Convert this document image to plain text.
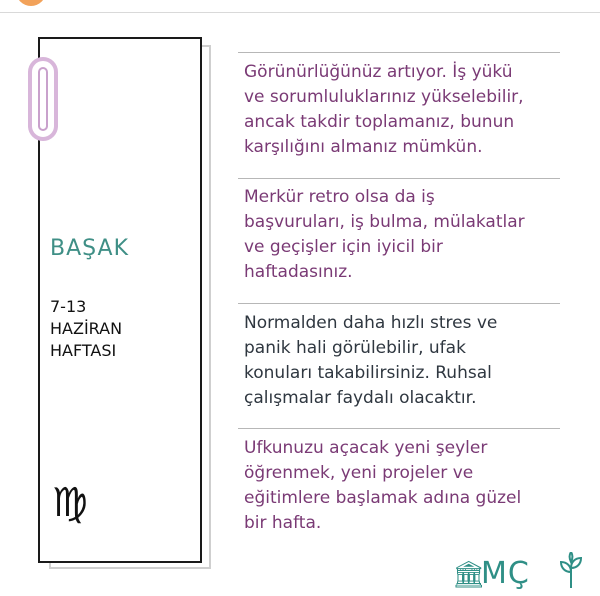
BAŞAK
7-13
HAZİRAN
HAFTASI
♍
Görünürlüğünüz artıyor. İş yükü
ve sorumluluklarınız yükselebilir,
ancak takdir toplamanız, bunun
karşılığını almanız mümkün.
Merkür retro olsa da iş
başvuruları, iş bulma, mülakatlar
ve geçişler için iyicil bir
haftadasınız.
Normalden daha hızlı stres ve
panik hali görülebilir, ufak
konuları takabilirsiniz. Ruhsal
çalışmalar faydalı olacaktır.
Ufkunuzu açacak yeni şeyler
öğrenmek, yeni projeler ve
eğitimlere başlamak adına güzel
bir hafta.
🏛
MÇ
